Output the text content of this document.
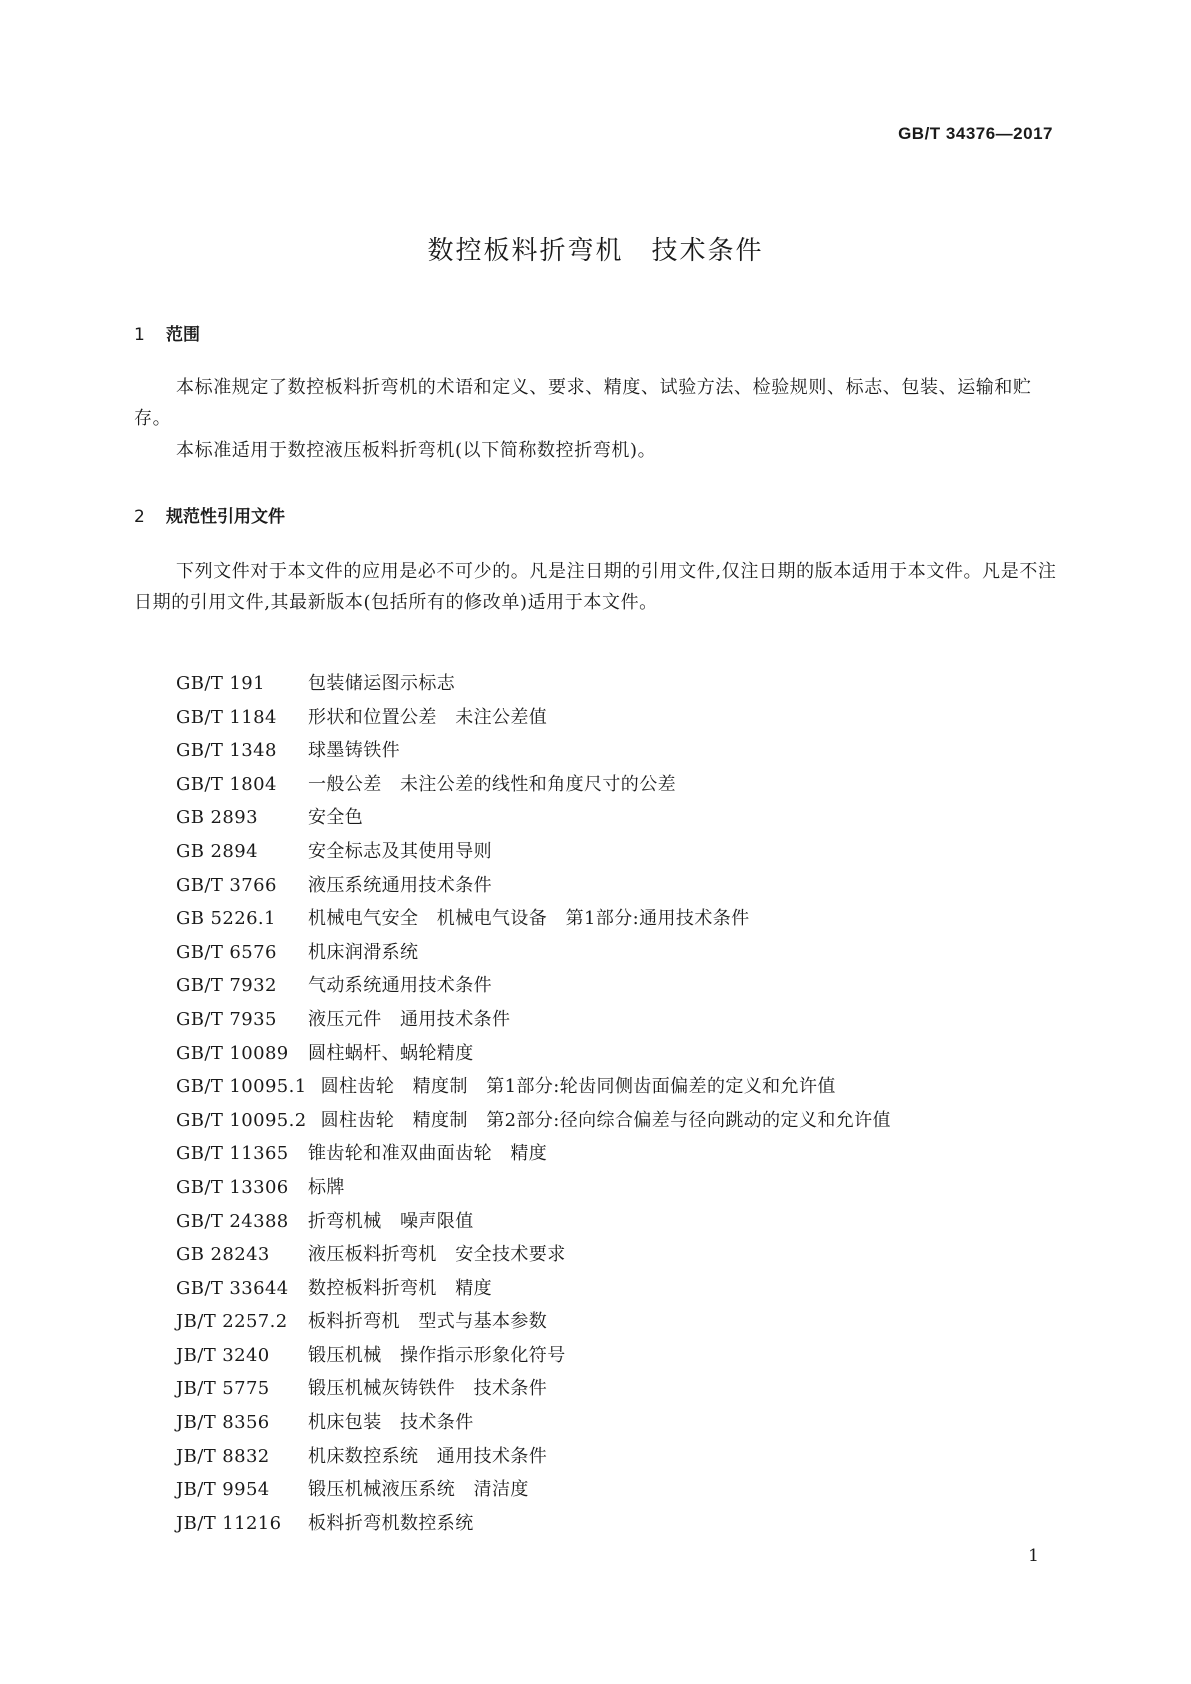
GB/T 34376—2017

数控板料折弯机　技术条件
1 范围

本标准规定了数控板料折弯机的术语和定义、要求、精度、试验方法、检验规则、标志、包装、运输和贮存。

本标准适用于数控液压板料折弯机(以下简称数控折弯机)。

2 规范性引用文件

下列文件对于本文件的应用是必不可少的。凡是注日期的引用文件,仅注日期的版本适用于本文件。凡是不注日期的引用文件,其最新版本(包括所有的修改单)适用于本文件。

GB/T 191 包装储运图示标志
GB/T 1184 形状和位置公差　未注公差值
GB/T 1348 球墨铸铁件
GB/T 1804 一般公差　未注公差的线性和角度尺寸的公差
GB 2893	安全色
GB 2894	安全标志及其使用导则
GB/T 3766 液压系统通用技术条件
GB 5226.1 机械电气安全　机械电气设备　第1部分:通用技术条件
GB/T 6576 机床润滑系统
GB/T 7932 气动系统通用技术条件
GB/T 7935 液压元件　通用技术条件
GB/T 10089 圆柱蜗杆、蜗轮精度
GB/T 10095.1 圆柱齿轮　精度制　第1部分:轮齿同侧齿面偏差的定义和允许值
GB/T 10095.2 圆柱齿轮　精度制　第2部分:径向综合偏差与径向跳动的定义和允许值
GB/T 11365 锥齿轮和准双曲面齿轮　精度
GB/T 13306 标牌
GB/T 24388 折弯机械　噪声限值
GB 28243 液压板料折弯机　安全技术要求
GB/T 33644 数控板料折弯机　精度
JB/T 2257.2 板料折弯机　型式与基本参数
JB/T 3240 锻压机械　操作指示形象化符号
JB/T 5775 锻压机械灰铸铁件　技术条件
JB/T 8356 机床包装　技术条件
JB/T 8832 机床数控系统　通用技术条件
JB/T 9954 锻压机械液压系统　清洁度
JB/T 11216 板料折弯机数控系统

1
